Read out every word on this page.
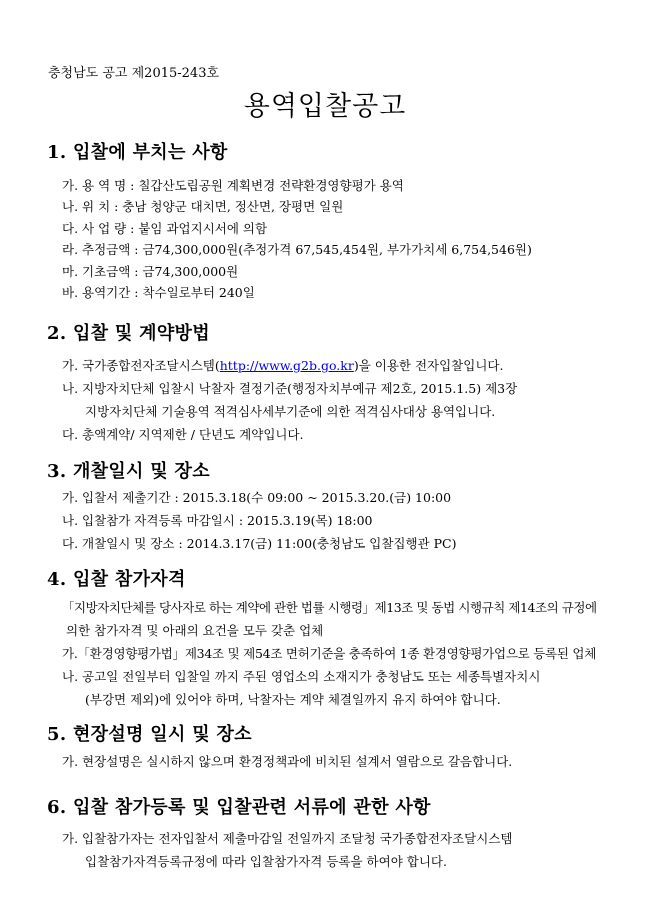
충청남도 공고 제2015-243호
용역입찰공고
1. 입찰에 부치는 사항
가. 용 역 명 : 칠갑산도립공원 계획변경 전략환경영향평가 용역
나. 위 치 : 충남 청양군 대치면, 정산면, 장평면 일원
다. 사 업 량 : 붙임 과업지시서에 의함
라. 추정금액 : 금74,300,000원(추정가격 67,545,454원, 부가가치세 6,754,546원)
마. 기초금액 : 금74,300,000원
바. 용역기간 : 착수일로부터 240일
2. 입찰 및 계약방법
가. 국가종합전자조달시스템(http://www.g2b.go.kr)을 이용한 전자입찰입니다.
나. 지방자치단체 입찰시 낙찰자 결정기준(행정자치부예규 제2호, 2015.1.5) 제3장
지방자치단체 기술용역 적격심사세부기준에 의한 적격심사대상 용역입니다.
다. 총액계약/ 지역제한 / 단년도 계약입니다.
3. 개찰일시 및 장소
가. 입찰서 제출기간 : 2015.3.18(수 09:00 ~ 2015.3.20.(금) 10:00
나. 입찰참가 자격등록 마감일시 : 2015.3.19(목) 18:00
다. 개찰일시 및 장소 : 2014.3.17(금) 11:00(충청남도 입찰집행관 PC)
4. 입찰 참가자격
「지방자치단체를 당사자로 하는 계약에 관한 법률 시행령」제13조 및 동법 시행규칙 제14조의 규정에
의한 참가자격 및 아래의 요건을 모두 갖춘 업체
가.「환경영향평가법」제34조 및 제54조 면허기준을 충족하여 1종 환경영향평가업으로 등록된 업체
나. 공고일 전일부터 입찰일 까지 주된 영업소의 소재지가 충청남도 또는 세종특별자치시
(부강면 제외)에 있어야 하며, 낙찰자는 계약 체결일까지 유지 하여야 합니다.
5. 현장설명 일시 및 장소
가. 현장설명은 실시하지 않으며 환경정책과에 비치된 설계서 열람으로 갈음합니다.
6. 입찰 참가등록 및 입찰관련 서류에 관한 사항
가. 입찰참가자는 전자입찰서 제출마감일 전일까지 조달청 국가종합전자조달시스템
입찰참가자격등록규정에 따라 입찰참가자격 등록을 하여야 합니다.
